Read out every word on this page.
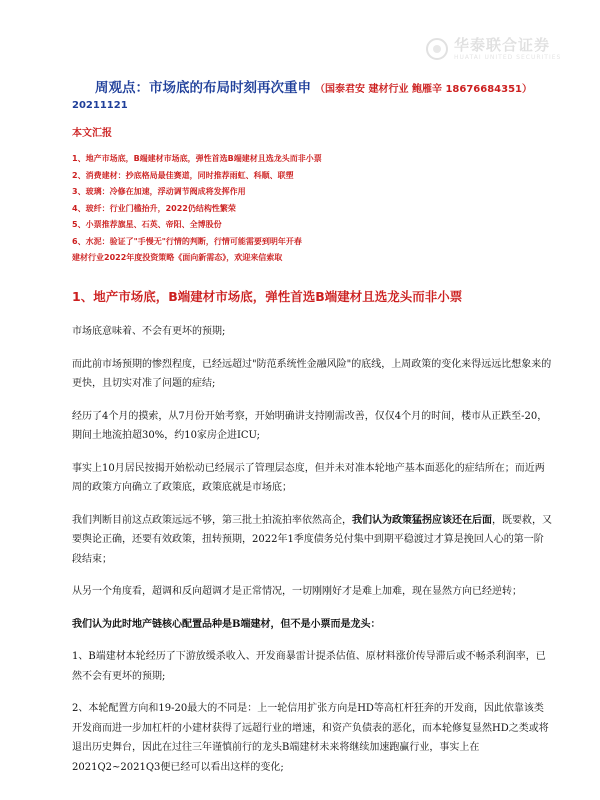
华泰联合证券
HUATAI UNITED SECURITIES
周观点：市场底的布局时刻再次重申 （国泰君安 建材行业 鲍雁辛 18676684351）
20211121
本文汇报
1、地产市场底，B端建材市场底，弹性首选B端建材且选龙头而非小票
2、消费建材：抄底格局最佳赛道，同时推荐雨虹、科顺、联塑
3、玻璃：冷修在加速，浮动调节阀成将发挥作用
4、玻纤：行业门槛抬升，2022仍结构性繁荣
5、小票推荐旗星、石英、帝阳、全博股份
6、水泥：验证了"手慢无"行情的判断，行情可能需要到明年开春
建材行业2022年度投资策略《面向新需态》，欢迎来信索取
1、地产市场底，B端建材市场底，弹性首选B端建材且选龙头而非小票

市场底意味着、不会有更坏的预期;

而此前市场预期的惨烈程度，已经远超过"防范系统性金融风险"的底线，上周政策的变化来得远远比想象来的更快，且切实对准了问题的症结;

经历了4个月的摸索，从7月份开始考察，开始明确讲支持刚需改善，仅仅4个月的时间，楼市从正跌至-20，期间土地流拍超30%，约10家房企进ICU;

事实上10月居民按揭开始松动已经展示了管理层态度，但并未对准本轮地产基本面恶化的症结所在；而近两周的政策方向确立了政策底，政策底就是市场底；

我们判断目前这点政策远远不够，第三批土拍流拍率依然高企，我们认为政策猛拐应该还在后面，既要救，又要舆论正确，还要有效政策，扭转预期，2022年1季度债务兑付集中到期平稳渡过才算是挽回人心的第一阶段结束；

从另一个角度看，超调和反向超调才是正常情况，一切刚刚好才是难上加难，现在显然方向已经逆转；

我们认为此时地产链核心配置品种是B端建材，但不是小票而是龙头：

1、B端建材本轮经历了下游放缓杀收入、开发商暴雷计提杀估值、原材料涨价传导滞后或不畅杀利润率，已然不会有更坏的预期;

2、本轮配置方向和19-20最大的不同是：上一轮信用扩张方向是HD等高杠杆狂奔的开发商，因此依靠该类开发商而进一步加杠杆的小建材获得了远超行业的增速，和资产负债表的恶化，而本轮修复显然HD之类或将退出历史舞台，因此在过往三年谨慎前行的龙头B端建材未来将继续加速跑赢行业，事实上在2021Q2~2021Q3便已经可以看出这样的变化;
